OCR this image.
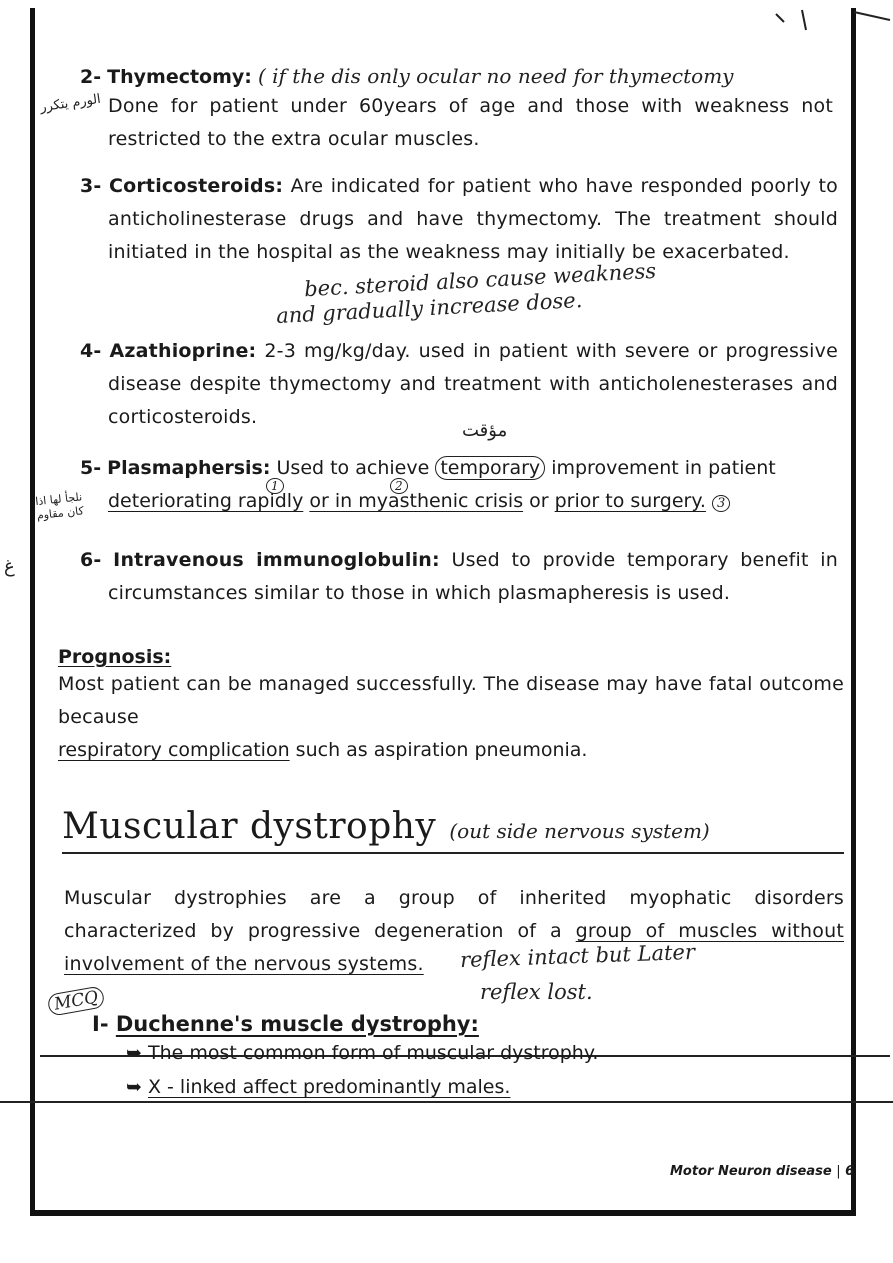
2- Thymectomy: ( if the dis only ocular no need for thymectomy
Done for patient under 60years of age and those with weakness not restricted to the extra ocular muscles.
الورم يتكرر
3- Corticosteroids: Are indicated for patient who have responded poorly to anticholinesterase drugs and have thymectomy. The treatment should initiated in the hospital as the weakness may initially be exacerbated.
bec. steroid also cause weakness
and gradually increase dose.
4- Azathioprine: 2-3 mg/kg/day. used in patient with severe or progressive disease despite thymectomy and treatment with anticholenesterases and corticosteroids.
مؤقت
5- Plasmaphersis: Used to achieve temporary improvement in patient
deteriorating rapidly or in myasthenic crisis or prior to surgery. 3
1	2
نلجأ لها اذا كان مقاوم
6- Intravenous immunoglobulin: Used to provide temporary benefit in circumstances similar to those in which plasmapheresis is used.
غ
Prognosis:
Most patient can be managed successfully. The disease may have fatal outcome because
respiratory complication such as aspiration pneumonia.
Muscular dystrophy (out side nervous system)
Muscular dystrophies are a group of inherited myophatic disorders characterized by progressive degeneration of a group of muscles without involvement of the nervous systems.	reflex intact but Later
reflex lost.
MCQ
I- Duchenne's muscle dystrophy:
➥ The most common form of muscular dystrophy.
➥ X - linked affect predominantly males.
Motor Neuron disease | 6
